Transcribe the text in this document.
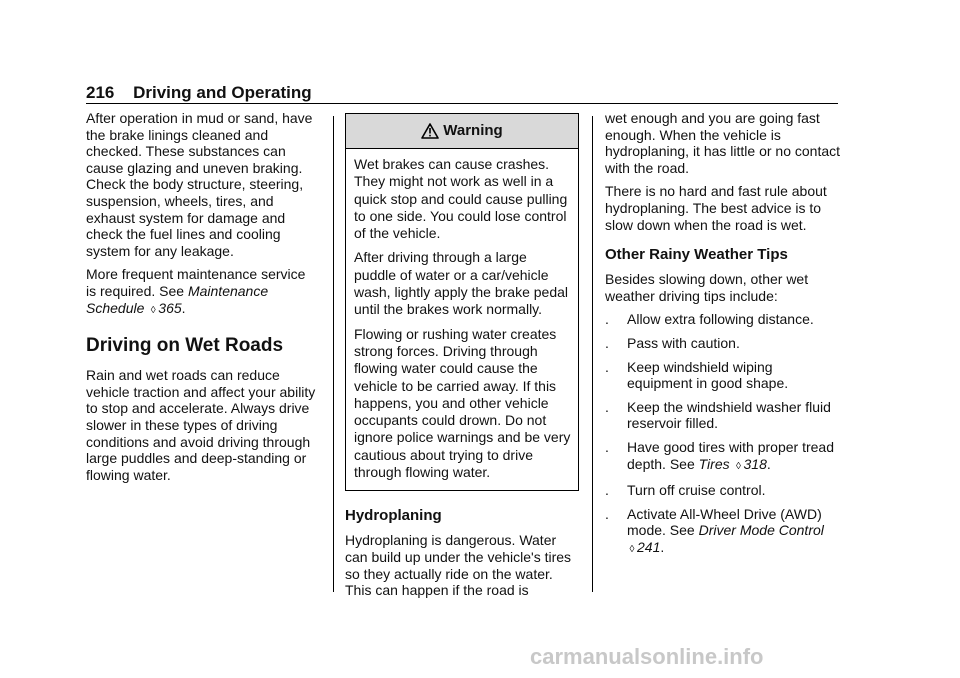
216 Driving and Operating

After operation in mud or sand, have the brake linings cleaned and checked. These substances can cause glazing and uneven braking. Check the body structure, steering, suspension, wheels, tires, and exhaust system for damage and check the fuel lines and cooling system for any leakage.

More frequent maintenance service is required. See Maintenance Schedule ◊ 365.

Driving on Wet Roads

Rain and wet roads can reduce vehicle traction and affect your ability to stop and accelerate. Always drive slower in these types of driving conditions and avoid driving through large puddles and deep-standing or flowing water.

Warning

Wet brakes can cause crashes. They might not work as well in a quick stop and could cause pulling to one side. You could lose control of the vehicle.

After driving through a large puddle of water or a car/vehicle wash, lightly apply the brake pedal until the brakes work normally.

Flowing or rushing water creates strong forces. Driving through flowing water could cause the vehicle to be carried away. If this happens, you and other vehicle occupants could drown. Do not ignore police warnings and be very cautious about trying to drive through flowing water.

Hydroplaning

Hydroplaning is dangerous. Water can build up under the vehicle's tires so they actually ride on the water. This can happen if the road is

wet enough and you are going fast enough. When the vehicle is hydroplaning, it has little or no contact with the road.

There is no hard and fast rule about hydroplaning. The best advice is to slow down when the road is wet.

Other Rainy Weather Tips

Besides slowing down, other wet weather driving tips include:

. Allow extra following distance.
. Pass with caution.
. Keep windshield wiping equipment in good shape.
. Keep the windshield washer fluid reservoir filled.
. Have good tires with proper tread depth. See Tires ◊ 318.
. Turn off cruise control.
. Activate All-Wheel Drive (AWD) mode. See Driver Mode Control
◊ 241.
carmanualsonline.info
